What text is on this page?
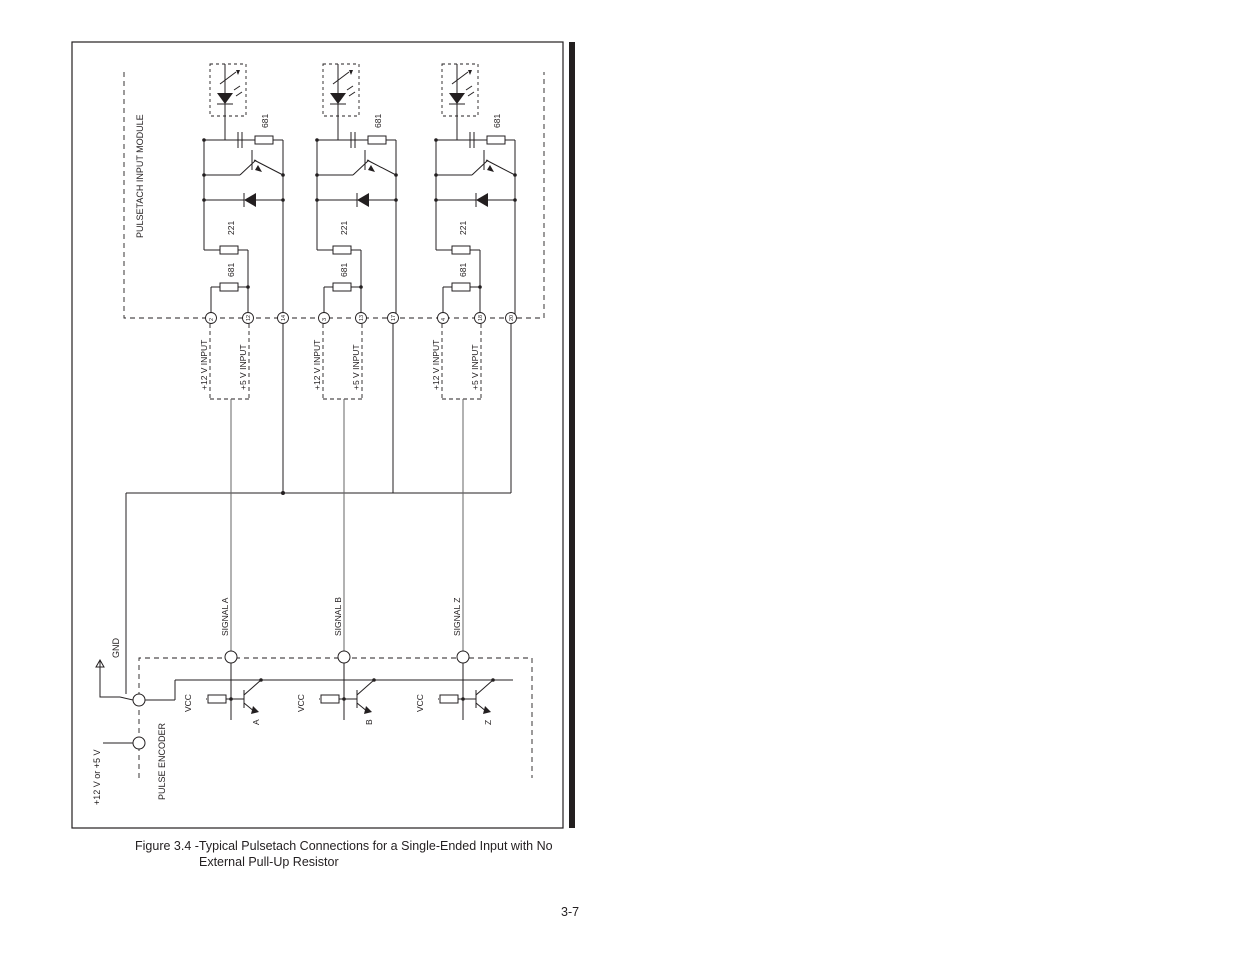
PULSETACH INPUT MODULE
PULSE ENCODER
+12 V or +5 V
GND
681
221
681
2	12	14
+12 V INPUT	+5 V INPUT
SIGNAL A
VCC
A
681
221
681
3	13	17
+12 V INPUT	+5 V INPUT
SIGNAL B
VCC
B
681
221
681
4	18	20
+12 V INPUT	+5 V INPUT
SIGNAL Z
VCC
Z
Figure 3.4 -Typical Pulsetach Connections for a Single-Ended Input with No
External Pull-Up Resistor
3-7
